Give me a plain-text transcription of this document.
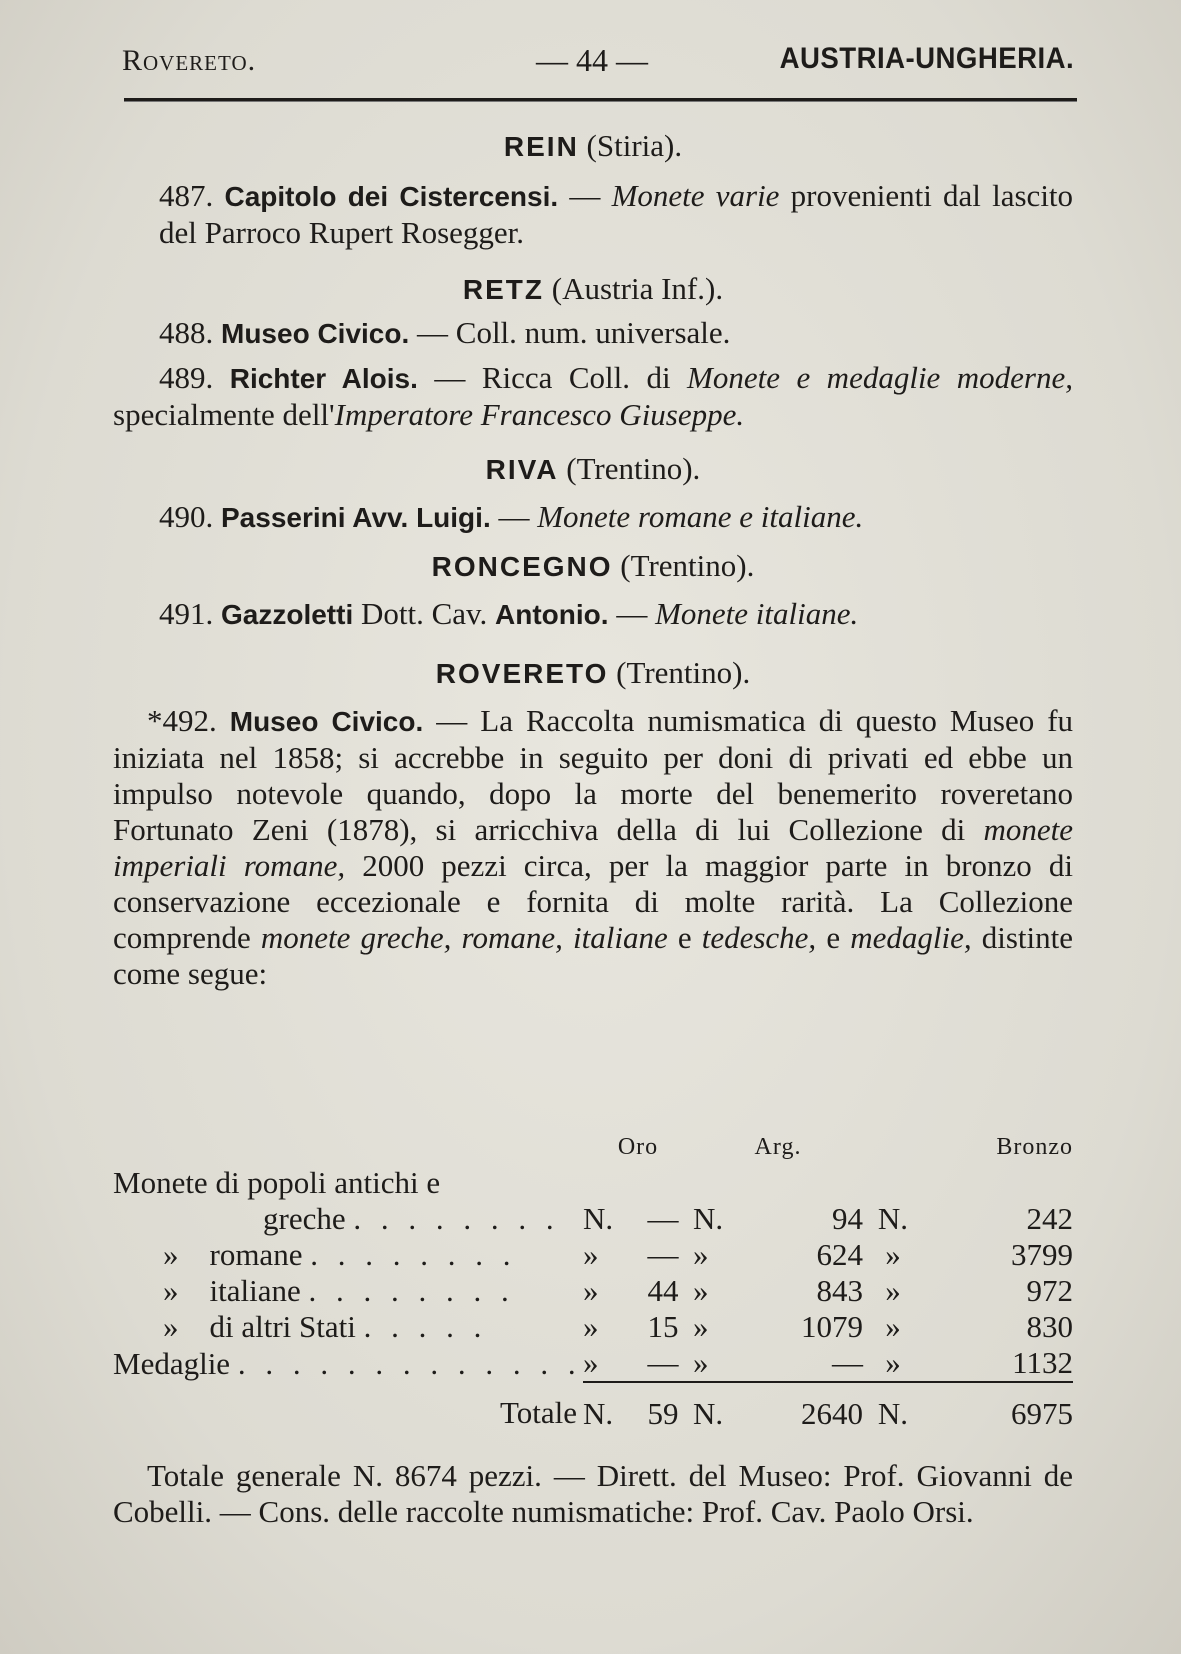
Rovereto.	— 44 —	AUSTRIA-UNGHERIA.

REIN (Stiria).

487. Capitolo dei Cistercensi. — Monete varie provenienti dal lascito del Parroco Rupert Rosegger.

RETZ (Austria Inf.).

488. Museo Civico. — Coll. num. universale.

489. Richter Alois. — Ricca Coll. di Monete e medaglie moderne, specialmente dell'Imperatore Francesco Giuseppe.

RIVA (Trentino).

490. Passerini Avv. Luigi. — Monete romane e italiane.

RONCEGNO (Trentino).

491. Gazzoletti Dott. Cav. Antonio. — Monete italiane.

ROVERETO (Trentino).

*492. Museo Civico. — La Raccolta numismatica di questo Museo fu iniziata nel 1858; si accrebbe in seguito per doni di privati ed ebbe un impulso notevole quando, dopo la morte del benemerito roveretano Fortunato Zeni (1878), si arricchiva della di lui Collezione di monete imperiali romane, 2000 pezzi circa, per la maggior parte in bronzo di conservazione eccezionale e fornita di molte rarità. La Collezione comprende monete greche, romane, italiane e tedesche, e medaglie, distinte come segue:

	Oro		Arg.		Bronzo	
Monete di popoli antichi e						
greche . . . . . . . .	N.	—	N.	94	N.	242
» romane . . . . . . . .	»	—	»	624	»	3799
» italiane . . . . . . . .	»	44	»	843	»	972
» di altri Stati . . . . .	»	15	»	1079	»	830
Medaglie . . . . . . . . . . . . .	»	—	»	—	»	1132
Totale	N.	59	N.	2640	N.	6975

Totale generale N. 8674 pezzi. — Dirett. del Museo: Prof. Giovanni de Cobelli. — Cons. delle raccolte numismatiche: Prof. Cav. Paolo Orsi.
